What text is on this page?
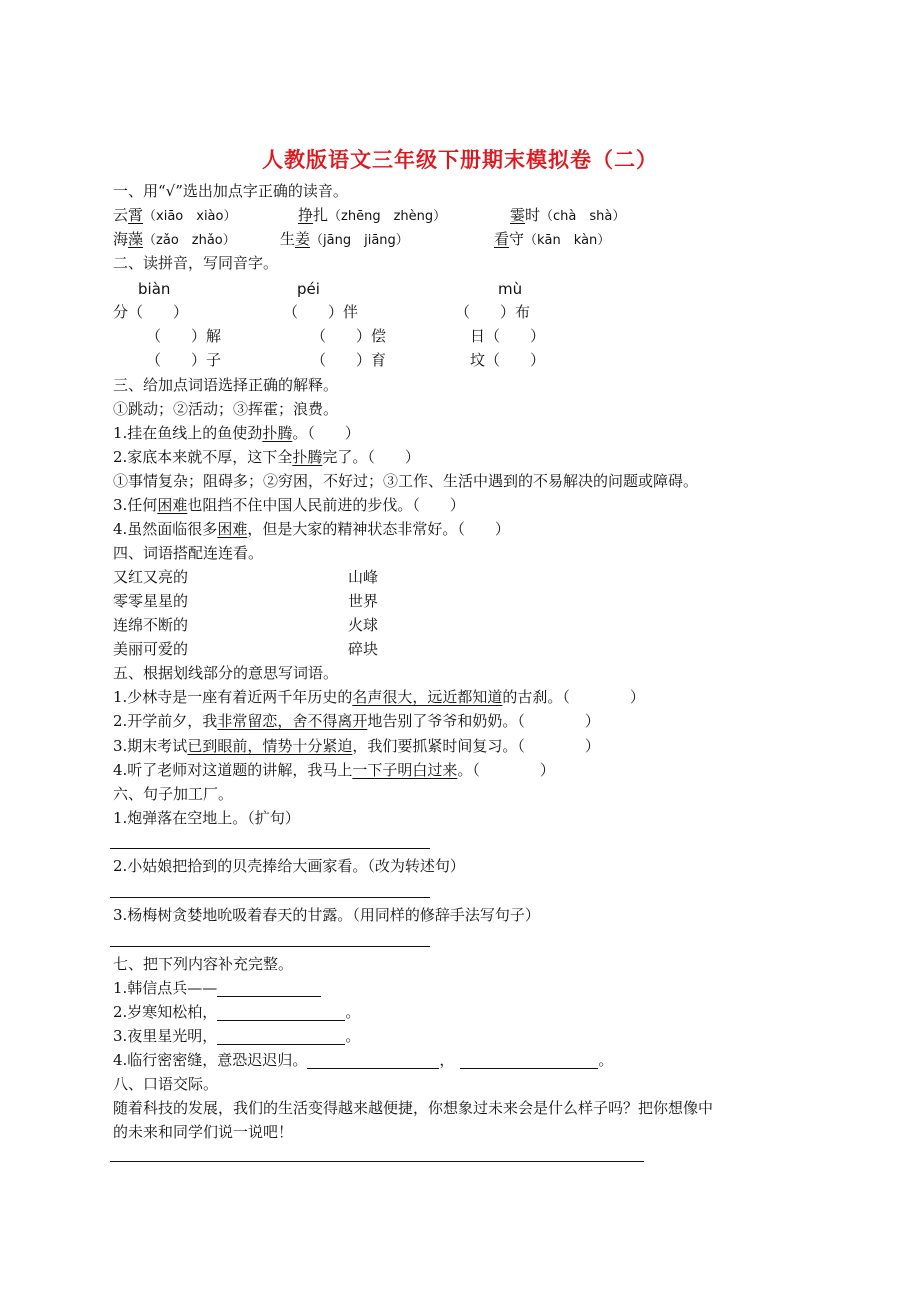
人教版语文三年级下册期末模拟卷（二）
一、用“√”选出加点字正确的读音。
云霄（xiāo　xiào）	挣扎（zhēng　zhèng）	霎时（chà　shà）
海藻（zǎo　zhǎo）	生姜（jāng　jiāng）	看守（kān　kàn）
二、读拼音，写同音字。
biàn	péi	mù
分（　　）	（　　）伴	（　　）布
（　　）解	（　　）偿	日（　　）
（　　）子	（　　）育	坟（　　）
三、给加点词语选择正确的解释。
①跳动；②活动；③挥霍；浪费。
1.挂在鱼线上的鱼使劲扑腾。（　　）
2.家底本来就不厚，这下全扑腾完了。（　　）
①事情复杂；阻碍多；②穷困，不好过；③工作、生活中遇到的不易解决的问题或障碍。
3.任何困难也阻挡不住中国人民前进的步伐。（　　）
4.虽然面临很多困难，但是大家的精神状态非常好。（　　）
四、词语搭配连连看。
又红又亮的	山峰
零零星星的	世界
连绵不断的	火球
美丽可爱的	碎块
五、根据划线部分的意思写词语。
1.少林寺是一座有着近两千年历史的名声很大，远近都知道的古刹。（　　　　）
2.开学前夕，我非常留恋，舍不得离开地告别了爷爷和奶奶。（　　　　）
3.期末考试已到眼前，情势十分紧迫，我们要抓紧时间复习。（　　　　）
4.听了老师对这道题的讲解，我马上一下子明白过来。（　　　　）
六、句子加工厂。
1.炮弹落在空地上。（扩句）
2.小姑娘把拾到的贝壳捧给大画家看。（改为转述句）
3.杨梅树贪婪地吮吸着春天的甘露。（用同样的修辞手法写句子）
七、把下列内容补充完整。
1.韩信点兵——
2.岁寒知松柏，	。
3.夜里星光明，	。
4.临行密密缝，意恐迟迟归。	，	。
八、口语交际。
随着科技的发展，我们的生活变得越来越便捷，你想象过未来会是什么样子吗？把你想像中
的未来和同学们说一说吧！
